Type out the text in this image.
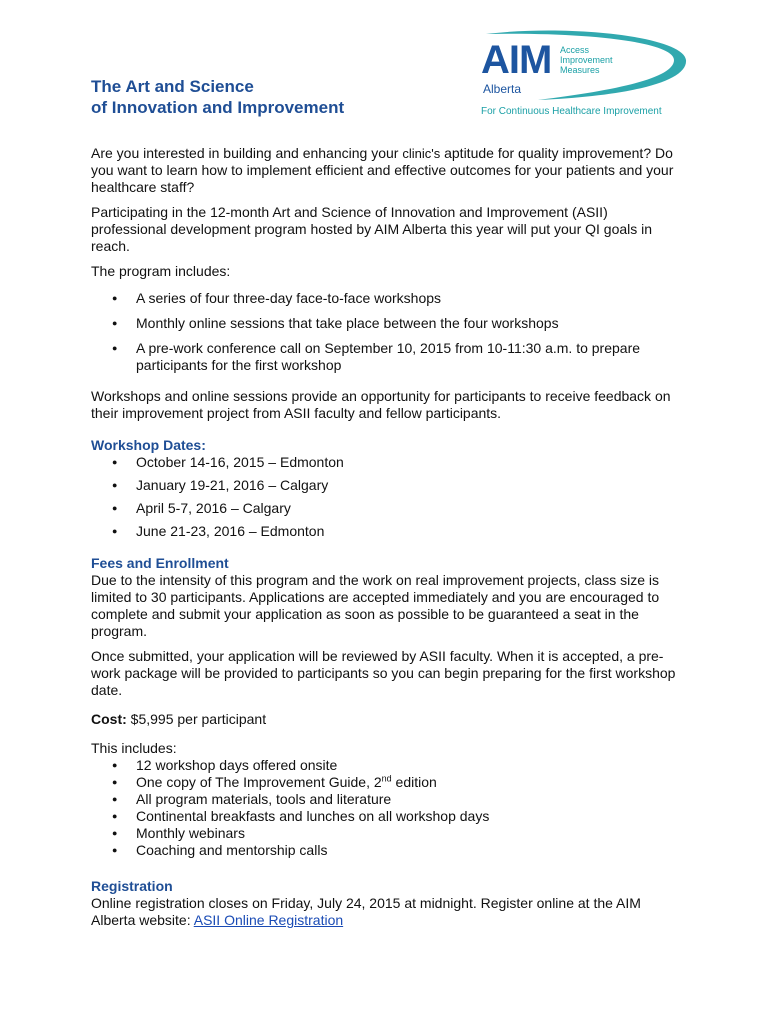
The Art and Science
of Innovation and Improvement
AIM Access
Improvement
Measures
Alberta
For Continuous Healthcare Improvement

Are you interested in building and enhancing your clinic's aptitude for quality improvement? Do you want to learn how to implement efficient and effective outcomes for your patients and your healthcare staff?

Participating in the 12-month Art and Science of Innovation and Improvement (ASII) professional development program hosted by AIM Alberta this year will put your QI goals in reach.

The program includes:

● A series of four three-day face-to-face workshops
● Monthly online sessions that take place between the four workshops
● A pre-work conference call on September 10, 2015 from 10-11:30 a.m. to prepare participants for the first workshop

Workshops and online sessions provide an opportunity for participants to receive feedback on their improvement project from ASII faculty and fellow participants.

Workshop Dates:
● October 14-16, 2015 – Edmonton
● January 19-21, 2016 – Calgary
● April 5-7, 2016 – Calgary
● June 21-23, 2016 – Edmonton
Fees and Enrollment

Due to the intensity of this program and the work on real improvement projects, class size is limited to 30 participants. Applications are accepted immediately and you are encouraged to complete and submit your application as soon as possible to be guaranteed a seat in the program.

Once submitted, your application will be reviewed by ASII faculty. When it is accepted, a pre-work package will be provided to participants so you can begin preparing for the first workshop date.

Cost: $5,995 per participant

This includes:

● 12 workshop days offered onsite
● One copy of The Improvement Guide, 2nd edition
● All program materials, tools and literature
● Continental breakfasts and lunches on all workshop days
● Monthly webinars
● Coaching and mentorship calls
Registration

Online registration closes on Friday, July 24, 2015 at midnight. Register online at the AIM Alberta website: ASII Online Registration
